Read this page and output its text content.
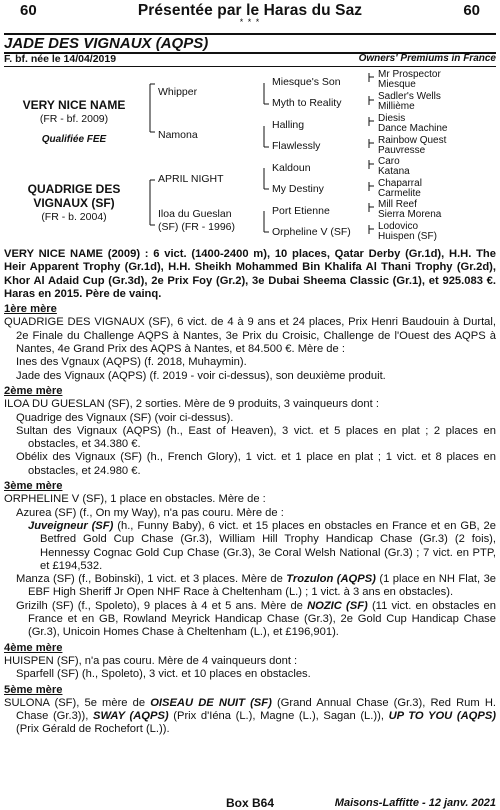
60	Présentée par le Haras du Saz	60
* * *
JADE DES VIGNAUX (AQPS)
F. bf. née le 14/04/2019	Owners' Premiums in France
VERY NICE NAME
(FR - bf. 2009)
Qualifiée FEE
QUADRIGE DES
VIGNAUX (SF)
(FR - b. 2004)
Whipper
Namona
APRIL NIGHT
Iloa du Gueslan
(SF) (FR - 1996)
Miesque's Son
Myth to Reality
Halling
Flawlessly
Kaldoun
My Destiny
Port Etienne
Orpheline V (SF)
Mr Prospector
Miesque
Sadler's Wells
Millième
Diesis
Dance Machine
Rainbow Quest
Pauvresse
Caro
Katana
Chaparral
Carmelite
Mill Reef
Sierra Morena
Lodovico
Huispen (SF)

VERY NICE NAME (2009) : 6 vict. (1400-2400 m), 10 places, Qatar Derby (Gr.1d), H.H. The Heir Apparent Trophy (Gr.1d), H.H. Sheikh Mohammed Bin Khalifa Al Thani Trophy (Gr.2d), Khor Al Adaid Cup (Gr.3d), 2e Prix Foy (Gr.2), 3e Dubai Sheema Classic (Gr.1), et 925.083 €. Haras en 2015. Père de vainq.

1ère mère

QUADRIGE DES VIGNAUX (SF), 6 vict. de 4 à 9 ans et 24 places, Prix Henri Baudouin à Durtal, 2e Finale du Challenge AQPS à Nantes, 3e Prix du Croisic, Challenge de l'Ouest des AQPS à Nantes, 4e Grand Prix des AQPS à Nantes, et 84.500 €. Mère de :

Ines des Vgnaux (AQPS) (f. 2018, Muhaymin).

Jade des Vignaux (AQPS) (f. 2019 - voir ci-dessus), son deuxième produit.

2ème mère

ILOA DU GUESLAN (SF), 2 sorties. Mère de 9 produits, 3 vainqueurs dont :

Quadrige des Vignaux (SF) (voir ci-dessus).

Sultan des Vignaux (AQPS) (h., East of Heaven), 3 vict. et 5 places en plat ; 2 places en obstacles, et 34.380 €.

Obélix des Vignaux (SF) (h., French Glory), 1 vict. et 1 place en plat ; 1 vict. et 8 places en obstacles, et 24.980 €.

3ème mère

ORPHELINE V (SF), 1 place en obstacles. Mère de :

Azurea (SF) (f., On my Way), n'a pas couru. Mère de :

Juveigneur (SF) (h., Funny Baby), 6 vict. et 15 places en obstacles en France et en GB, 2e Betfred Gold Cup Chase (Gr.3), William Hill Trophy Handicap Chase (Gr.3) (2 fois), Hennessy Cognac Gold Cup Chase (Gr.3), 3e Coral Welsh National (Gr.3) ; 7 vict. en PTP, et £194,532.

Manza (SF) (f., Bobinski), 1 vict. et 3 places. Mère de Trozulon (AQPS) (1 place en NH Flat, 3e EBF High Sheriff Jr Open NHF Race à Cheltenham (L.) ; 1 vict. à 3 ans en obstacles).

Grizilh (SF) (f., Spoleto), 9 places à 4 et 5 ans. Mère de NOZIC (SF) (11 vict. en obstacles en France et en GB, Rowland Meyrick Handicap Chase (Gr.3), 2e Gold Cup Handicap Chase (Gr.3), Unicoin Homes Chase à Cheltenham (L.), et £196,901).

4ème mère

HUISPEN (SF), n'a pas couru. Mère de 4 vainqueurs dont :

Sparfell (SF) (h., Spoleto), 3 vict. et 10 places en obstacles.

5ème mère

SULONA (SF), 5e mère de OISEAU DE NUIT (SF) (Grand Annual Chase (Gr.3), Red Rum H. Chase (Gr.3)), SWAY (AQPS) (Prix d'Iéna (L.), Magne (L.), Sagan (L.)), UP TO YOU (AQPS) (Prix Gérald de Rochefort (L.)).

Box B64	Maisons-Laffitte - 12 janv. 2021
